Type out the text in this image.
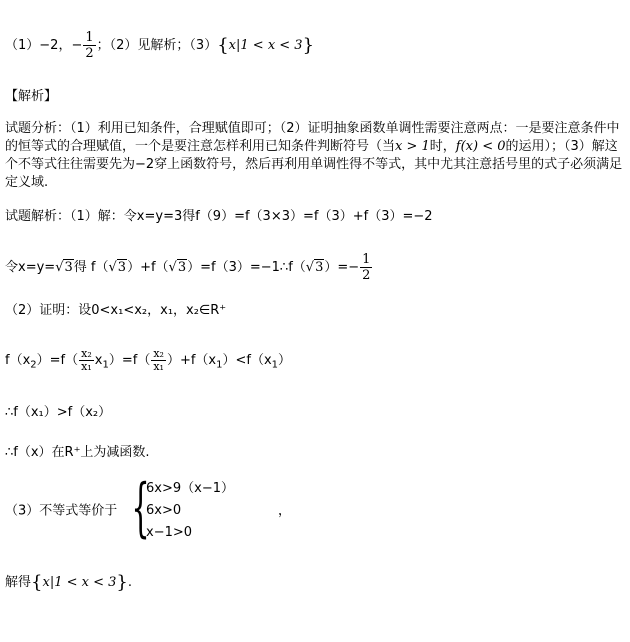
（1）−2，− $\frac{1}{2}$ ；（2）见解析；（3）{x|1 < x < 3}
【解析】
试题分析：（1）利用已知条件，合理赋值即可；（2）证明抽象函数单调性需要注意两点：一是要注意条件中的恒等式的合理赋值，一个是要注意怎样利用已知条件判断符号（当x > 1时，f(x) < 0的运用）；（3）解这个不等式往往需要先为−2穿上函数符号，然后再利用单调性得不等式，其中尤其注意括号里的式子必须满足定义域.
试题解析：（1）解：令x=y=3得f（9）=f（3×3）=f（3）+f（3）=−2
令x=y=√3得 f（√3）+f（√3）=f（3）=−1∴f（√3）=− $\frac{1}{2}$
（2）证明：设0<x₁<x₂，x₁，x₂∈R⁺
$f(x_2)=f( \frac{\text{x₂}}{\text{x₁}} x_1)=f( \frac{\text{x₂}}{\text{x₁}} )+f(x_1)<f(x_1)$
∴f（x₁）>f（x₂）
∴f（x）在R⁺上为减函数.
（3）不等式等价于 {
6x>9（x−1）
6x>0
x−1>0
，
解得{x|1 < x < 3}.
